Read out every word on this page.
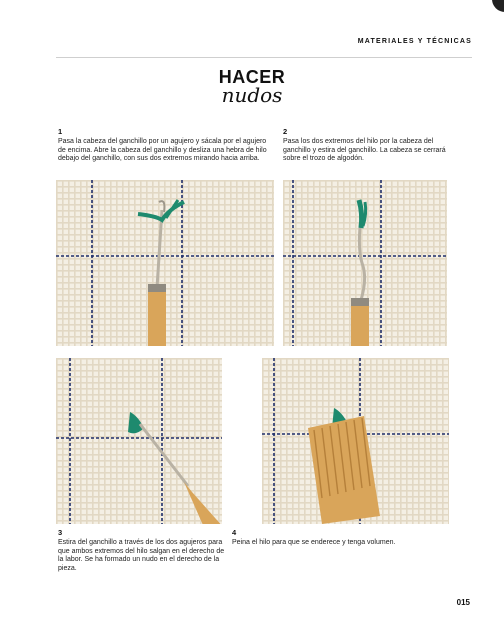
MATERIALES Y TÉCNICAS
HACER
nudos
1
Pasa la cabeza del ganchillo por un agujero y sácala por el agujero de encima. Abre la cabeza del ganchillo y desliza una hebra de hilo debajo del ganchillo, con sus dos extremos mirando hacia arriba.
2
Pasa los dos extremos del hilo por la cabeza del ganchillo y estira del ganchillo. La cabeza se cerrará sobre el trozo de algodón.
3
Estira del ganchillo a través de los dos agujeros para que ambos extremos del hilo salgan en el derecho de la labor. Se ha formado un nudo en el derecho de la pieza.
4
Peina el hilo para que se enderece y tenga volumen.
015
